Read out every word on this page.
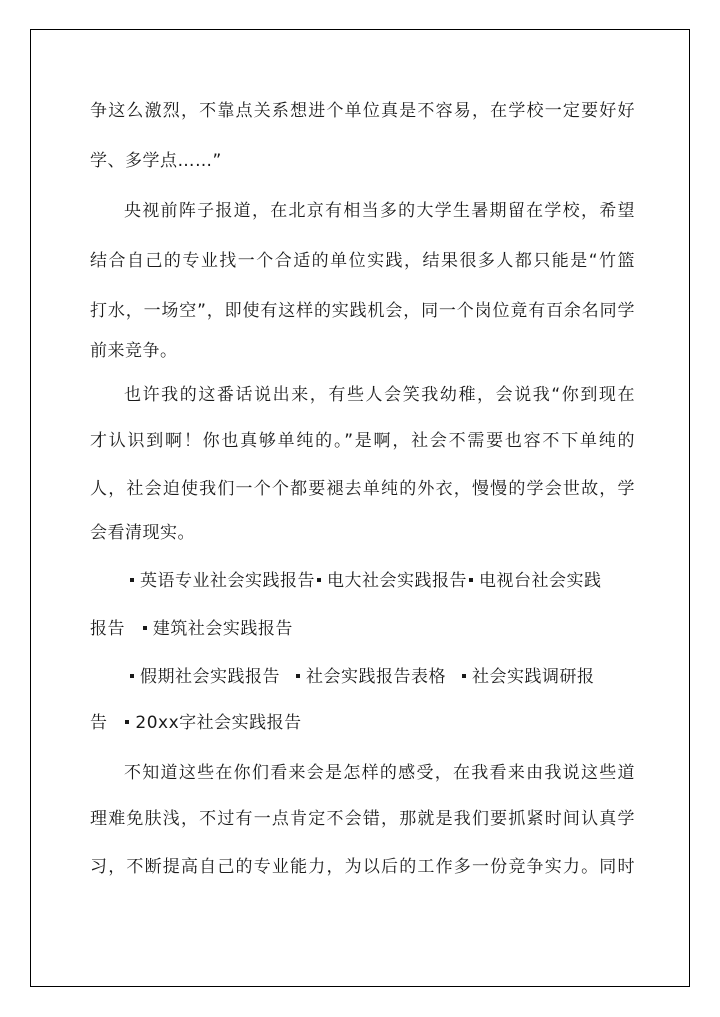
争这么激烈，不靠点关系想进个单位真是不容易，在学校一定要好好
学、多学点……”
央视前阵子报道，在北京有相当多的大学生暑期留在学校，希望
结合自己的专业找一个合适的单位实践，结果很多人都只能是“竹篮
打水，一场空”，即使有这样的实践机会，同一个岗位竟有百余名同学
前来竞争。
也许我的这番话说出来，有些人会笑我幼稚，会说我“你到现在
才认识到啊！你也真够单纯的。”是啊，社会不需要也容不下单纯的
人，社会迫使我们一个个都要褪去单纯的外衣，慢慢的学会世故，学
会看清现实。
英语专业社会实践报告 电大社会实践报告 电视台社会实践
报告 建筑社会实践报告
假期社会实践报告 社会实践报告表格 社会实践调研报
告 20xx字社会实践报告
不知道这些在你们看来会是怎样的感受，在我看来由我说这些道
理难免肤浅，不过有一点肯定不会错，那就是我们要抓紧时间认真学
习，不断提高自己的专业能力，为以后的工作多一份竞争实力。同时
